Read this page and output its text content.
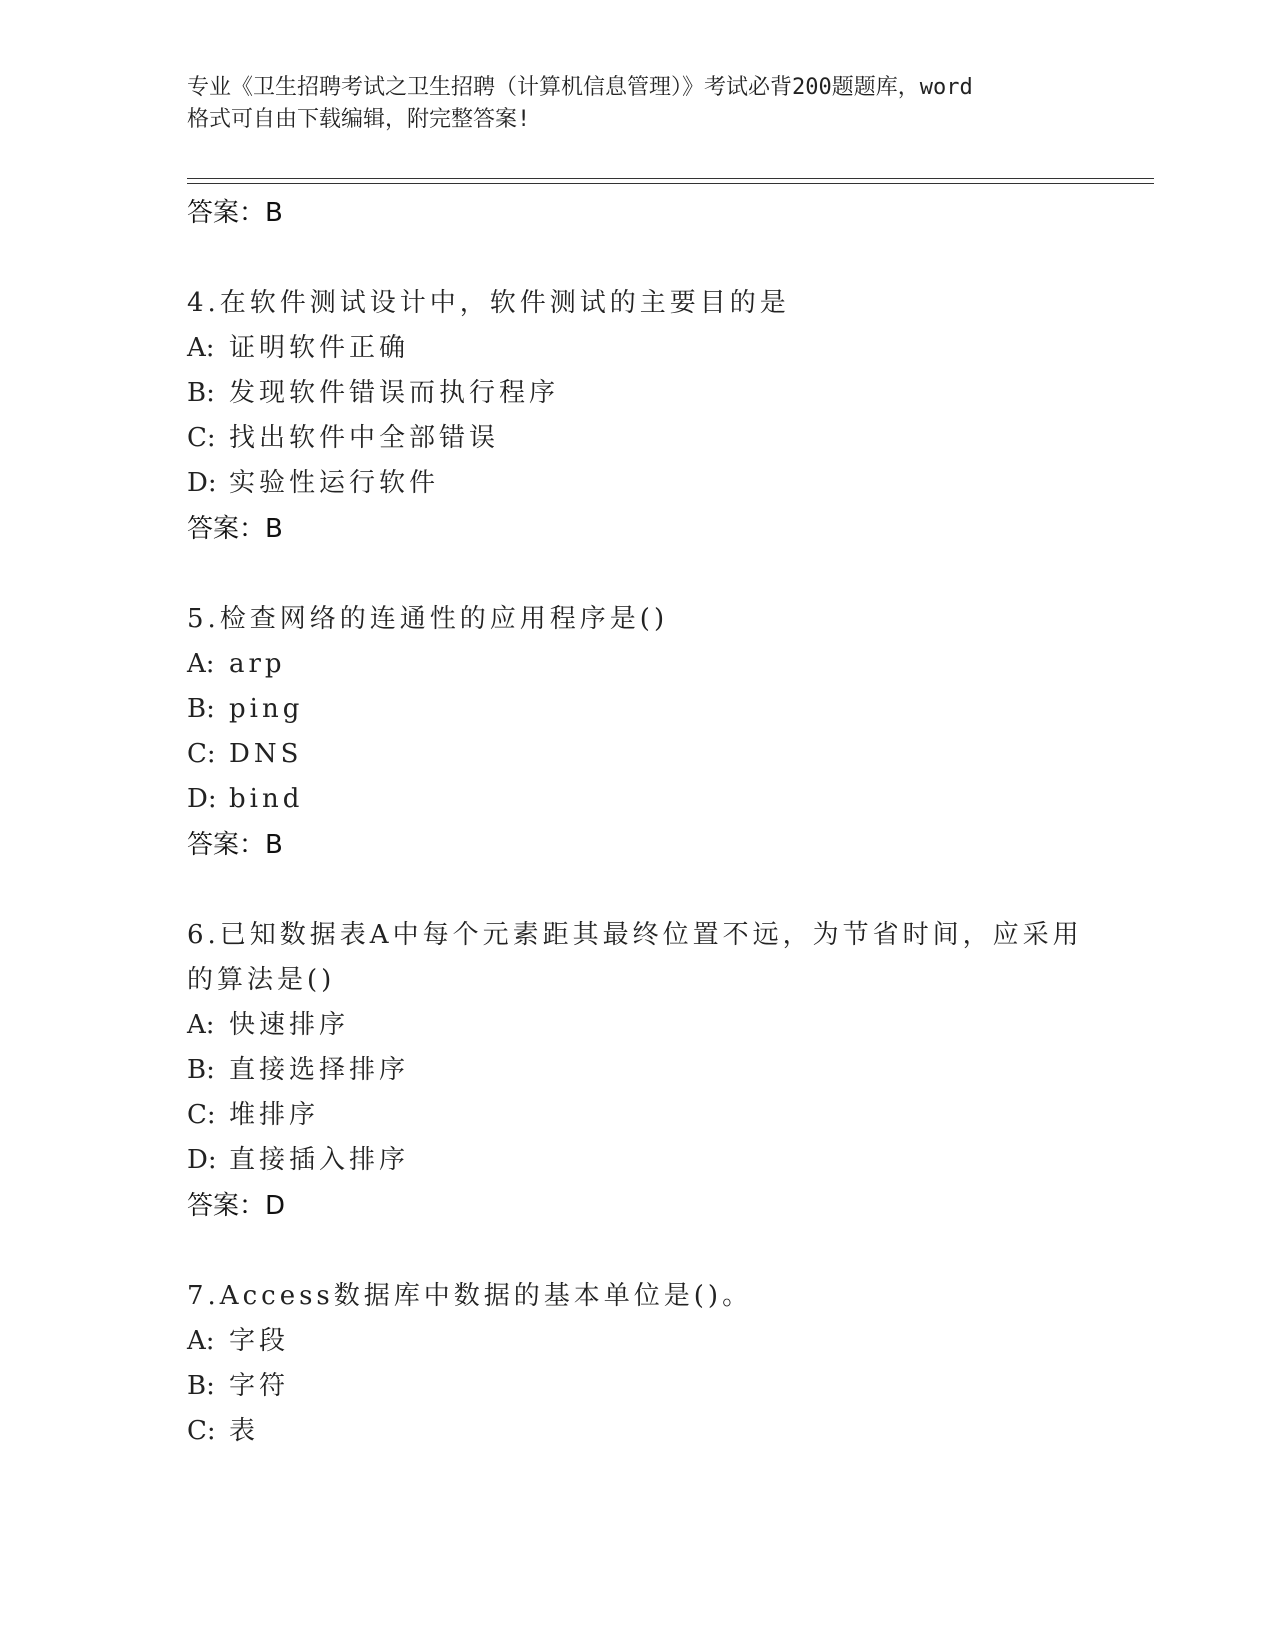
专业《卫生招聘考试之卫生招聘（计算机信息管理）》考试必背200题题库，word
格式可自由下载编辑，附完整答案!
答案：B
4.在软件测试设计中，软件测试的主要目的是
A: 证明软件正确
B: 发现软件错误而执行程序
C: 找出软件中全部错误
D: 实验性运行软件
答案：B
5.检查网络的连通性的应用程序是()
A: arp
B: ping
C: DNS
D: bind
答案：B
6.已知数据表A中每个元素距其最终位置不远，为节省时间，应采用
的算法是()
A: 快速排序
B: 直接选择排序
C: 堆排序
D: 直接插入排序
答案：D
7.Access数据库中数据的基本单位是()。
A: 字段
B: 字符
C: 表
